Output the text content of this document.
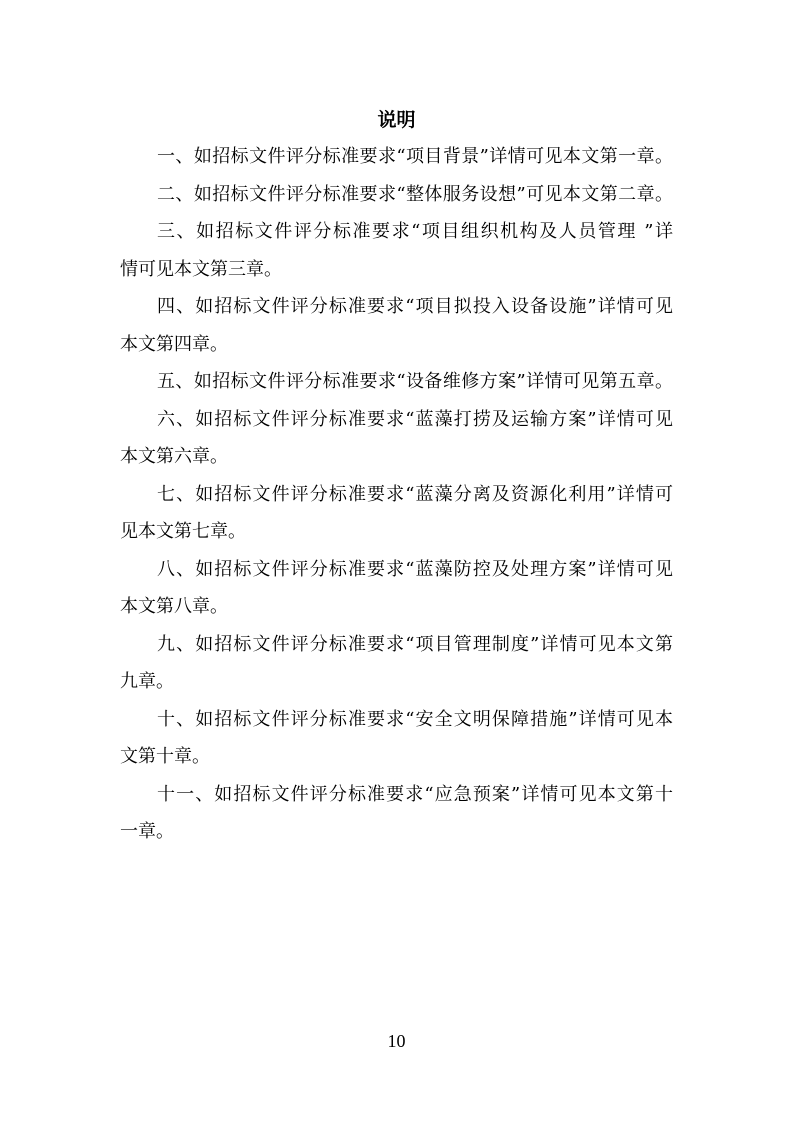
说明
一、如招标文件评分标准要求“项目背景”详情可见本文第一章。
二、如招标文件评分标准要求“整体服务设想”可见本文第二章。
三、如招标文件评分标准要求“项目组织机构及人员管理 ”详
情可见本文第三章。
四、如招标文件评分标准要求“项目拟投入设备设施”详情可见
本文第四章。
五、如招标文件评分标准要求“设备维修方案”详情可见第五章。
六、如招标文件评分标准要求“蓝藻打捞及运输方案”详情可见
本文第六章。
七、如招标文件评分标准要求“蓝藻分离及资源化利用”详情可
见本文第七章。
八、如招标文件评分标准要求“蓝藻防控及处理方案”详情可见
本文第八章。
九、如招标文件评分标准要求“项目管理制度”详情可见本文第
九章。
十、如招标文件评分标准要求“安全文明保障措施”详情可见本
文第十章。
十一、如招标文件评分标准要求“应急预案”详情可见本文第十
一章。
10
